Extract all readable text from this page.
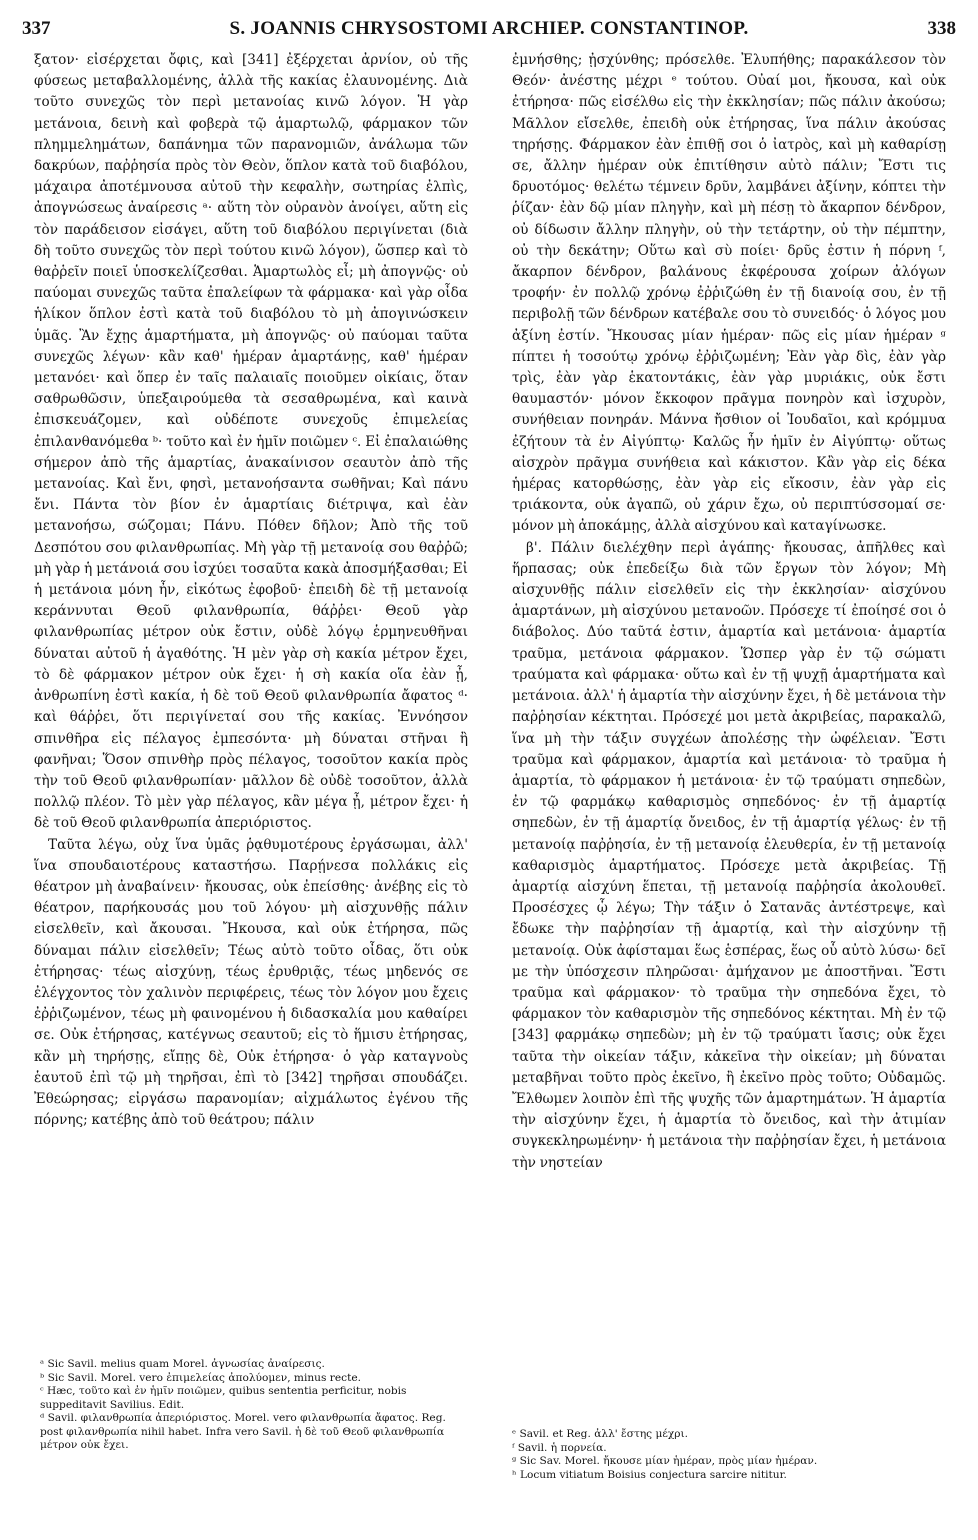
337	S. JOANNIS CHRYSOSTOMI ARCHIEP. CONSTANTINOP.	338

ξατον· εἰσέρχεται ὄφις, καὶ [341] ἐξέρχεται ἀρνίον, οὐ τῆς φύσεως μεταβαλλομένης, ἀλλὰ τῆς κακίας ἐλαυνομένης. Διὰ τοῦτο συνεχῶς τὸν περὶ μετανοίας κινῶ λόγον. Ἡ γὰρ μετάνοια, δεινὴ καὶ φοβερὰ τῷ ἁμαρτωλῷ, φάρμακον τῶν πλημμελημάτων, δαπάνημα τῶν παρανομιῶν, ἀνάλωμα τῶν δακρύων, παῤῥησία πρὸς τὸν Θεὸν, ὅπλον κατὰ τοῦ διαβόλου, μάχαιρα ἀποτέμνουσα αὐτοῦ τὴν κεφαλὴν, σωτηρίας ἐλπὶς, ἀπογνώσεως ἀναίρεσις ᵃ· αὕτη τὸν οὐρανὸν ἀνοίγει, αὕτη εἰς τὸν παράδεισον εἰσάγει, αὕτη τοῦ διαβόλου περιγίνεται (διὰ δὴ τοῦτο συνεχῶς τὸν περὶ τούτου κινῶ λόγον), ὥσπερ καὶ τὸ θαῤῥεῖν ποιεῖ ὑποσκελίζεσθαι. Ἁμαρτωλὸς εἶ; μὴ ἀπογνῷς· οὐ παύομαι συνεχῶς ταῦτα ἐπαλείφων τὰ φάρμακα· καὶ γὰρ οἶδα ἡλίκον ὅπλον ἐστὶ κατὰ τοῦ διαβόλου τὸ μὴ ἀπογινώσκειν ὑμᾶς. Ἂν ἔχῃς ἁμαρτήματα, μὴ ἀπογνῷς· οὐ παύομαι ταῦτα συνεχῶς λέγων· κἂν καθ' ἡμέραν ἁμαρτάνῃς, καθ' ἡμέραν μετανόει· καὶ ὅπερ ἐν ταῖς παλαιαῖς ποιοῦμεν οἰκίαις, ὅταν σαθρωθῶσιν, ὑπεξαιρούμεθα τὰ σεσαθρωμένα, καὶ καινὰ ἐπισκευάζομεν, καὶ οὐδέποτε συνεχοῦς ἐπιμελείας ἐπιλανθανόμεθα ᵇ· τοῦτο καὶ ἐν ἡμῖν ποιῶμεν ᶜ. Εἰ ἐπαλαιώθης σήμερον ἀπὸ τῆς ἁμαρτίας, ἀνακαίνισον σεαυτὸν ἀπὸ τῆς μετανοίας. Καὶ ἔνι, φησὶ, μετανοήσαντα σωθῆναι; Καὶ πάνυ ἔνι. Πάντα τὸν βίον ἐν ἁμαρτίαις διέτριψα, καὶ ἐὰν μετανοήσω, σώζομαι; Πάνυ. Πόθεν δῆλον; Ἀπὸ τῆς τοῦ Δεσπότου σου φιλανθρωπίας. Μὴ γὰρ τῇ μετανοίᾳ σου θαῤῥῶ; μὴ γὰρ ἡ μετάνοιά σου ἰσχύει τοσαῦτα κακὰ ἀποσμήξασθαι; Εἰ ἡ μετάνοια μόνη ἦν, εἰκότως ἐφοβοῦ· ἐπειδὴ δὲ τῇ μετανοίᾳ κεράννυται Θεοῦ φιλανθρωπία, θάῤῥει· Θεοῦ γὰρ φιλανθρωπίας μέτρον οὐκ ἔστιν, οὐδὲ λόγῳ ἑρμηνευθῆναι δύναται αὐτοῦ ἡ ἀγαθότης. Ἡ μὲν γὰρ σὴ κακία μέτρον ἔχει, τὸ δὲ φάρμακον μέτρον οὐκ ἔχει· ἡ σὴ κακία οἵα ἐὰν ᾖ, ἀνθρωπίνη ἐστὶ κακία, ἡ δὲ τοῦ Θεοῦ φιλανθρωπία ἄφατος ᵈ· καὶ θάῤῥει, ὅτι περιγίνεταί σου τῆς κακίας. Ἐννόησον σπινθῆρα εἰς πέλαγος ἐμπεσόντα· μὴ δύναται στῆναι ἢ φανῆναι; Ὅσον σπινθὴρ πρὸς πέλαγος, τοσοῦτον κακία πρὸς τὴν τοῦ Θεοῦ φιλανθρωπίαν· μᾶλλον δὲ οὐδὲ τοσοῦτον, ἀλλὰ πολλῷ πλέον. Τὸ μὲν γὰρ πέλαγος, κἂν μέγα ᾖ, μέτρον ἔχει· ἡ δὲ τοῦ Θεοῦ φιλανθρωπία ἀπεριόριστος.

Ταῦτα λέγω, οὐχ ἵνα ὑμᾶς ῥᾳθυμοτέρους ἐργάσωμαι, ἀλλ' ἵνα σπουδαιοτέρους καταστήσω. Παρῄνεσα πολλάκις εἰς θέατρον μὴ ἀναβαίνειν· ἤκουσας, οὐκ ἐπείσθης· ἀνέβης εἰς τὸ θέατρον, παρήκουσάς μου τοῦ λόγου· μὴ αἰσχυνθῇς πάλιν εἰσελθεῖν, καὶ ἄκουσαι. Ἤκουσα, καὶ οὐκ ἐτήρησα, πῶς δύναμαι πάλιν εἰσελθεῖν; Τέως αὐτὸ τοῦτο οἶδας, ὅτι οὐκ ἐτήρησας· τέως αἰσχύνῃ, τέως ἐρυθριᾷς, τέως μηδενός σε ἐλέγχοντος τὸν χαλινὸν περιφέρεις, τέως τὸν λόγον μου ἔχεις ἐῤῥιζωμένον, τέως μὴ φαινομένου ἡ διδασκαλία μου καθαίρει σε. Οὐκ ἐτήρησας, κατέγνως σεαυτοῦ; εἰς τὸ ἥμισυ ἐτήρησας, κἂν μὴ τηρήσῃς, εἴπῃς δὲ, Οὐκ ἐτήρησα· ὁ γὰρ καταγνοὺς ἑαυτοῦ ἐπὶ τῷ μὴ τηρῆσαι, ἐπὶ τὸ [342] τηρῆσαι σπουδάζει. Ἐθεώρησας; εἰργάσω παρανομίαν; αἰχμάλωτος ἐγένου τῆς πόρνης; κατέβης ἀπὸ τοῦ θεάτρου; πάλιν

ἐμνήσθης; ᾐσχύνθης; πρόσελθε. Ἐλυπήθης; παρακάλεσον τὸν Θεόν· ἀνέστης μέχρι ᵉ τούτου. Οὐαί μοι, ἤκουσα, καὶ οὐκ ἐτήρησα· πῶς εἰσέλθω εἰς τὴν ἐκκλησίαν; πῶς πάλιν ἀκούσω; Μᾶλλον εἴσελθε, ἐπειδὴ οὐκ ἐτήρησας, ἵνα πάλιν ἀκούσας τηρήσῃς. Φάρμακον ἐὰν ἐπιθῇ σοι ὁ ἰατρὸς, καὶ μὴ καθαρίσῃ σε, ἄλλην ἡμέραν οὐκ ἐπιτίθησιν αὐτὸ πάλιν; Ἔστι τις δρυοτόμος· θελέτω τέμνειν δρῦν, λαμβάνει ἀξίνην, κόπτει τὴν ῥίζαν· ἐὰν δῷ μίαν πληγὴν, καὶ μὴ πέσῃ τὸ ἄκαρπον δένδρον, οὐ δίδωσιν ἄλλην πληγὴν, οὐ τὴν τετάρτην, οὐ τὴν πέμπτην, οὐ τὴν δεκάτην; Οὕτω καὶ σὺ ποίει· δρῦς ἐστιν ἡ πόρνη ᶠ, ἄκαρπον δένδρον, βαλάνους ἐκφέρουσα χοίρων ἀλόγων τροφήν· ἐν πολλῷ χρόνῳ ἐῤῥιζώθη ἐν τῇ διανοίᾳ σου, ἐν τῇ περιβολῇ τῶν δένδρων κατέβαλε σου τὸ συνειδός· ὁ λόγος μου ἀξίνη ἐστίν. Ἤκουσας μίαν ἡμέραν· πῶς εἰς μίαν ἡμέραν ᵍ πίπτει ἡ τοσούτῳ χρόνῳ ἐῤῥιζωμένη; Ἐὰν γὰρ δὶς, ἐὰν γὰρ τρὶς, ἐὰν γὰρ ἑκατοντάκις, ἐὰν γὰρ μυριάκις, οὐκ ἔστι θαυμαστόν· μόνον ἔκκοφον πρᾶγμα πονηρὸν καὶ ἰσχυρὸν, συνήθειαν πονηράν. Μάννα ἤσθιον οἱ Ἰουδαῖοι, καὶ κρόμμυα ἐζήτουν τὰ ἐν Αἰγύπτῳ· Καλῶς ἦν ἡμῖν ἐν Αἰγύπτῳ· οὕτως αἰσχρὸν πρᾶγμα συνήθεια καὶ κάκιστον. Κἂν γὰρ εἰς δέκα ἡμέρας κατορθώσῃς, ἐὰν γὰρ εἰς εἴκοσιν, ἐὰν γὰρ εἰς τριάκοντα, οὐκ ἀγαπῶ, οὐ χάριν ἔχω, οὐ περιπτύσσομαί σε· μόνον μὴ ἀποκάμῃς, ἀλλὰ αἰσχύνου καὶ καταγίνωσκε.

β'. Πάλιν διελέχθην περὶ ἀγάπης· ἤκουσας, ἀπῆλθες καὶ ἥρπασας; οὐκ ἐπεδείξω διὰ τῶν ἔργων τὸν λόγον; Μὴ αἰσχυνθῇς πάλιν εἰσελθεῖν εἰς τὴν ἐκκλησίαν· αἰσχύνου ἁμαρτάνων, μὴ αἰσχύνου μετανοῶν. Πρόσεχε τί ἐποίησέ σοι ὁ διάβολος. Δύο ταῦτά ἐστιν, ἁμαρτία καὶ μετάνοια· ἁμαρτία τραῦμα, μετάνοια φάρμακον. Ὥσπερ γὰρ ἐν τῷ σώματι τραύματα καὶ φάρμακα· οὕτω καὶ ἐν τῇ ψυχῇ ἁμαρτήματα καὶ μετάνοια. ἀλλ' ἡ ἁμαρτία τὴν αἰσχύνην ἔχει, ἡ δὲ μετάνοια τὴν παῤῥησίαν κέκτηται. Πρόσεχέ μοι μετὰ ἀκριβείας, παρακαλῶ, ἵνα μὴ τὴν τάξιν συγχέων ἀπολέσῃς τὴν ὠφέλειαν. Ἔστι τραῦμα καὶ φάρμακον, ἁμαρτία καὶ μετάνοια· τὸ τραῦμα ἡ ἁμαρτία, τὸ φάρμακον ἡ μετάνοια· ἐν τῷ τραύματι σηπεδὼν, ἐν τῷ φαρμάκῳ καθαρισμὸς σηπεδόνος· ἐν τῇ ἁμαρτίᾳ σηπεδὼν, ἐν τῇ ἁμαρτίᾳ ὄνειδος, ἐν τῇ ἁμαρτίᾳ γέλως· ἐν τῇ μετανοίᾳ παῤῥησία, ἐν τῇ μετανοίᾳ ἐλευθερία, ἐν τῇ μετανοίᾳ καθαρισμὸς ἁμαρτήματος. Πρόσεχε μετὰ ἀκριβείας. Τῇ ἁμαρτίᾳ αἰσχύνη ἕπεται, τῇ μετανοίᾳ παῤῥησία ἀκολουθεῖ. Προσέσχες ᾧ λέγω; Τὴν τάξιν ὁ Σατανᾶς ἀντέστρεψε, καὶ ἔδωκε τὴν παῤῥησίαν τῇ ἁμαρτίᾳ, καὶ τὴν αἰσχύνην τῇ μετανοίᾳ. Οὐκ ἀφίσταμαι ἕως ἑσπέρας, ἕως οὗ αὐτὸ λύσω· δεῖ με τὴν ὑπόσχεσιν πληρῶσαι· ἀμήχανον με ἀποστῆναι. Ἔστι τραῦμα καὶ φάρμακον· τὸ τραῦμα τὴν σηπεδόνα ἔχει, τὸ φάρμακον τὸν καθαρισμὸν τῆς σηπεδόνος κέκτηται. Μὴ ἐν τῷ [343] φαρμάκῳ σηπεδὼν; μὴ ἐν τῷ τραύματι ἴασις; οὐκ ἔχει ταῦτα τὴν οἰκείαν τάξιν, κἀκεῖνα τὴν οἰκείαν; μὴ δύναται μεταβῆναι τοῦτο πρὸς ἐκεῖνο, ἢ ἐκεῖνο πρὸς τοῦτο; Οὐδαμῶς. Ἔλθωμεν λοιπὸν ἐπὶ τῆς ψυχῆς τῶν ἁμαρτημάτων. Ἡ ἁμαρτία τὴν αἰσχύνην ἔχει, ἡ ἁμαρτία τὸ ὄνειδος, καὶ τὴν ἀτιμίαν συγκεκληρωμένην· ἡ μετάνοια τὴν παῤῥησίαν ἔχει, ἡ μετάνοια τὴν νηστείαν

ᵃ Sic Savil. melius quam Morel. ἀγνωσίας ἀναίρεσις.

ᵇ Sic Savil. Morel. vero ἐπιμελείας ἀπολύομεν, minus recte.

ᶜ Hæc, τοῦτο καὶ ἐν ἡμῖν ποιῶμεν, quibus sententia perficitur, nobis suppeditavit Savilius. Edit.

ᵈ Savil. φιλανθρωπία ἀπεριόριστος. Morel. vero φιλανθρωπία ἄφατος. Reg. post φιλανθρωπία nihil habet. Infra vero Savil. ἡ δὲ τοῦ Θεοῦ φιλανθρωπία μέτρον οὐκ ἔχει.

ᵉ Savil. et Reg. ἀλλ' ἔστης μέχρι.

ᶠ Savil. ἡ πορνεία.

ᵍ Sic Sav. Morel. ἤκουσε μίαν ἡμέραν, πρὸς μίαν ἡμέραν.

ʰ Locum vitiatum Boisius conjectura sarcire nititur.
